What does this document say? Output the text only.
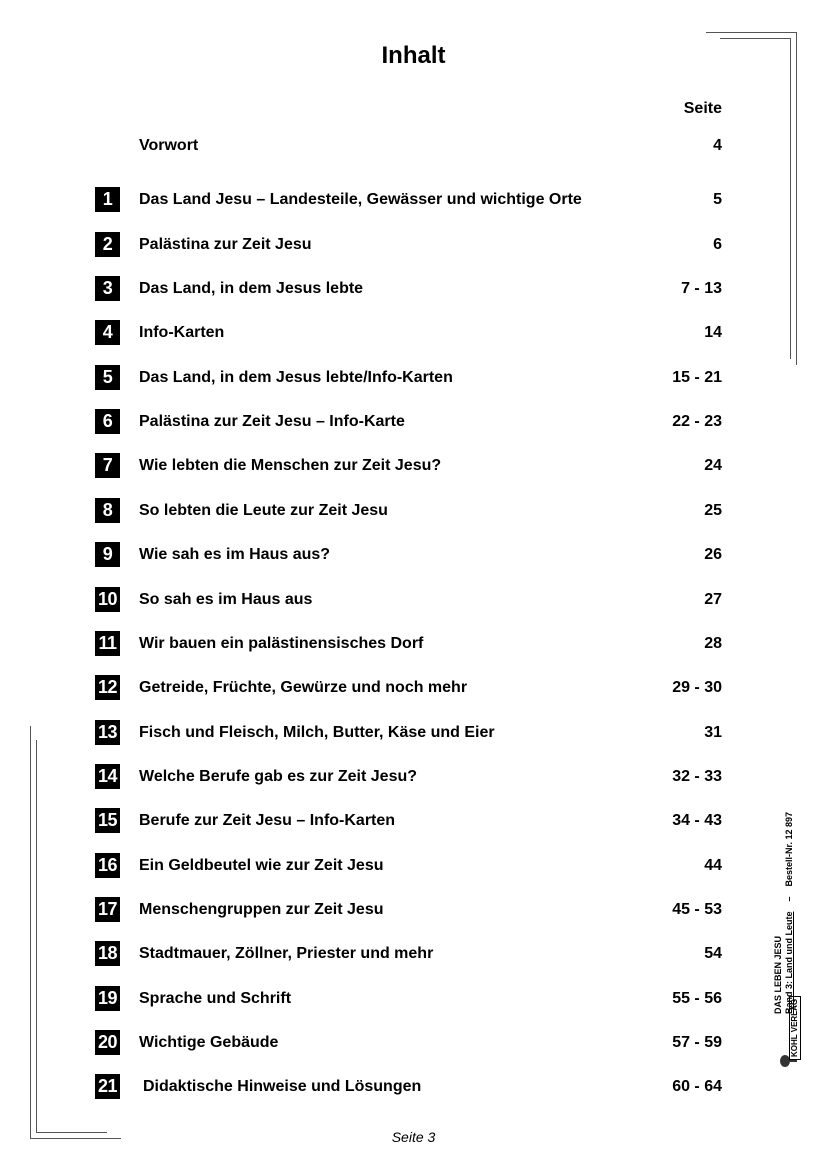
Inhalt
Seite
Vorwort	4
1	Das Land Jesu – Landesteile, Gewässer und wichtige Orte	5
2	Palästina zur Zeit Jesu	6
3	Das Land, in dem Jesus lebte	7 - 13
4	Info-Karten	14
5	Das Land, in dem Jesus lebte/Info-Karten	15 - 21
6	Palästina zur Zeit Jesu – Info-Karte	22 - 23
7	Wie lebten die Menschen zur Zeit Jesu?	24
8	So lebten die Leute zur Zeit Jesu	25
9	Wie sah es im Haus aus?	26
10 So sah es im Haus aus	27
11 Wir bauen ein palästinensisches Dorf	28
12 Getreide, Früchte, Gewürze und noch mehr	29 - 30
13 Fisch und Fleisch, Milch, Butter, Käse und Eier	31
14 Welche Berufe gab es zur Zeit Jesu?	32 - 33
15 Berufe zur Zeit Jesu – Info-Karten	34 - 43
16 Ein Geldbeutel wie zur Zeit Jesu	44
17 Menschengruppen zur Zeit Jesu	45 - 53
18 Stadtmauer, Zöllner, Priester und mehr	54
19 Sprache und Schrift	55 - 56
20 Wichtige Gebäude	57 - 59
21 Didaktische Hinweise und Lösungen	60 - 64
Seite 3
KOHL VERLAG
DAS LEBEN JESU Band 3: Land und Leute–Bestell-Nr. 12 897
